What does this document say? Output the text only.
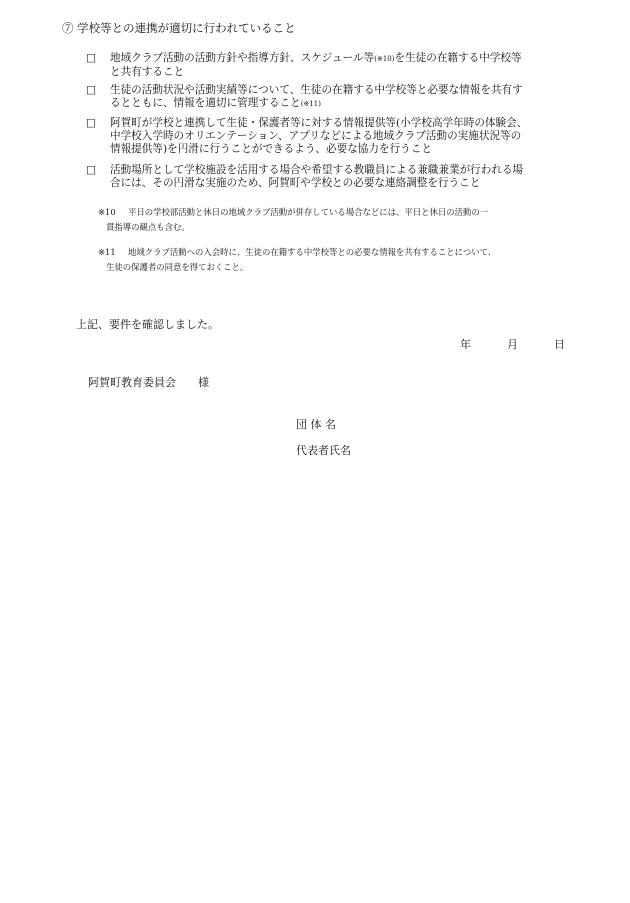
⑦ 学校等との連携が適切に行われていること
□	地域クラブ活動の活動方針や指導方針、スケジュール等(※10)を生徒の在籍する中学校等
と共有すること
□	生徒の活動状況や活動実績等について、生徒の在籍する中学校等と必要な情報を共有す
るとともに、情報を適切に管理すること(※11)
□	阿賀町が学校と連携して生徒・保護者等に対する情報提供等(小学校高学年時の体験会、
中学校入学時のオリエンテーション、アプリなどによる地域クラブ活動の実施状況等の
情報提供等)を円滑に行うことができるよう、必要な協力を行うこと
□	活動場所として学校施設を活用する場合や希望する教職員による兼職兼業が行われる場
合には、その円滑な実施のため、阿賀町や学校との必要な連絡調整を行うこと
※10 平日の学校部活動と休日の地域クラブ活動が併存している場合などには、平日と休日の活動の一
貫指導の観点も含む。
※11 地域クラブ活動への入会時に、生徒の在籍する中学校等との必要な情報を共有することについて、
生徒の保護者の同意を得ておくこと。
上記、要件を確認しました。
年	月	日
阿賀町教育委員会 様
団 体 名
代表者氏名
